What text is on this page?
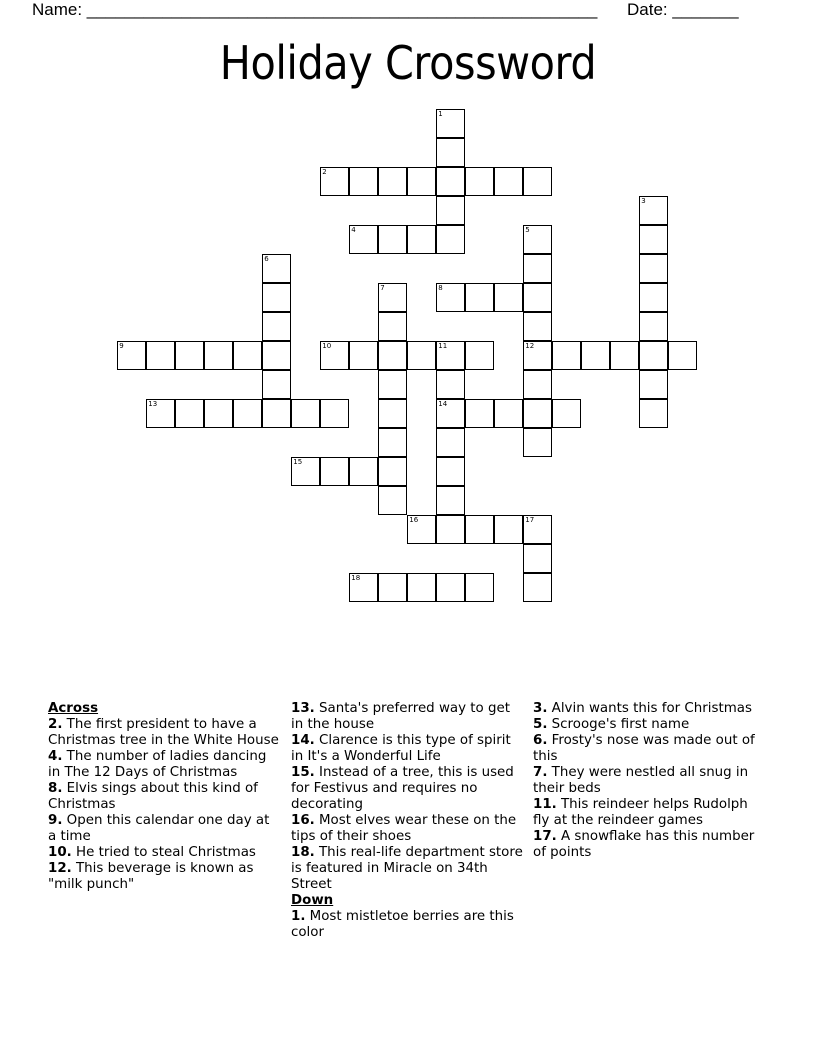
Name: ______________________________________________________ Date: _______
Holiday Crossword
1
2
3
4	5
12
6
7	8
9	10	11
14
13
15
16	17
18
Across
2. The first president to have a Christmas tree in the White House
4. The number of ladies dancing in The 12 Days of Christmas
8. Elvis sings about this kind of Christmas
9. Open this calendar one day at a time
10. He tried to steal Christmas
12. This beverage is known as "milk punch"
13. Santa's preferred way to get in the house
14. Clarence is this type of spirit in It's a Wonderful Life
15. Instead of a tree, this is used for Festivus and requires no decorating
16. Most elves wear these on the tips of their shoes
18. This real-life department store is featured in Miracle on 34th Street
Down
1. Most mistletoe berries are this color
3. Alvin wants this for Christmas
5. Scrooge's first name
6. Frosty's nose was made out of this
7. They were nestled all snug in their beds
11. This reindeer helps Rudolph fly at the reindeer games
17. A snowflake has this number of points
